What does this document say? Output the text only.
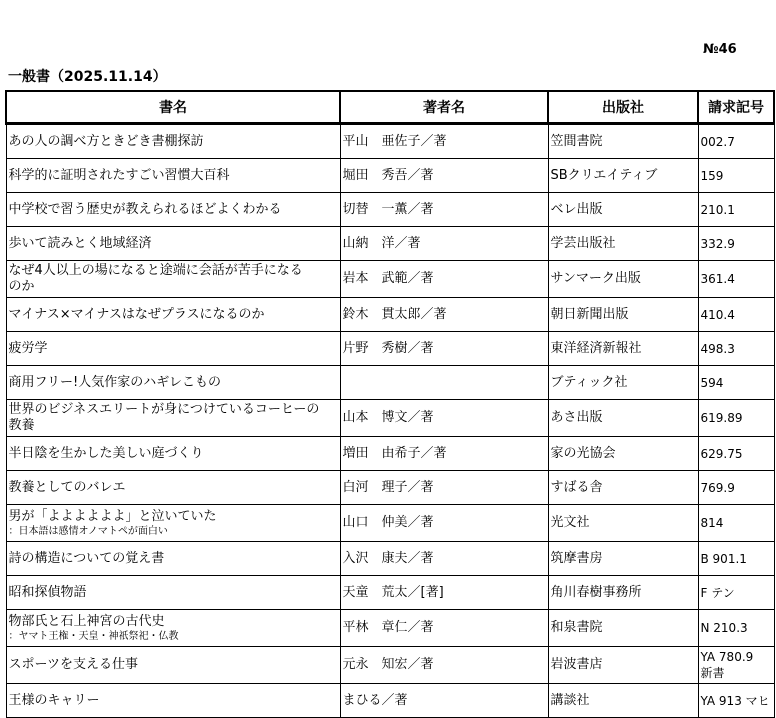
№46
一般書（2025.11.14）
書名	著者名	出版社	請求記号
あの人の調べ方ときどき書棚探訪	平山　亜佐子／著	笠間書院	002.7

科学的に証明されたすごい習慣大百科	堀田　秀吾／著	SBクリエイティブ	159

中学校で習う歴史が教えられるほどよくわかる	切替　一薫／著	ベレ出版	210.1

歩いて読みとく地域経済	山納　洋／著	学芸出版社	332.9

なぜ4人以上の場になると途端に会話が苦手になる
のか	岩本　武範／著	サンマーク出版	361.4

マイナス×マイナスはなぜプラスになるのか	鈴木　貫太郎／著	朝日新聞出版	410.4

疲労学	片野　秀樹／著	東洋経済新報社	498.3

商用フリー!人気作家のハギレこもの		ブティック社	594

世界のビジネスエリートが身につけているコーヒーの
教養	山本　博文／著	あさ出版	619.89

半日陰を生かした美しい庭づくり	増田　由希子／著	家の光協会	629.75

教養としてのバレエ	白河　理子／著	すばる舎	769.9

男が「よよよよよよ」と泣いていた
：日本語は感情オノマトペが面白い	山口　仲美／著	光文社	814

詩の構造についての覚え書	入沢　康夫／著	筑摩書房	B 901.1

昭和探偵物語	天童　荒太／[著]	角川春樹事務所	F テン

物部氏と石上神宮の古代史
：ヤマト王権・天皇・神祇祭祀・仏教	平林　章仁／著	和泉書院	N 210.3

スポーツを支える仕事	元永　知宏／著	岩波書店	YA 780.9
新書

王様のキャリー	まひる／著	講談社	YA 913 マヒ
